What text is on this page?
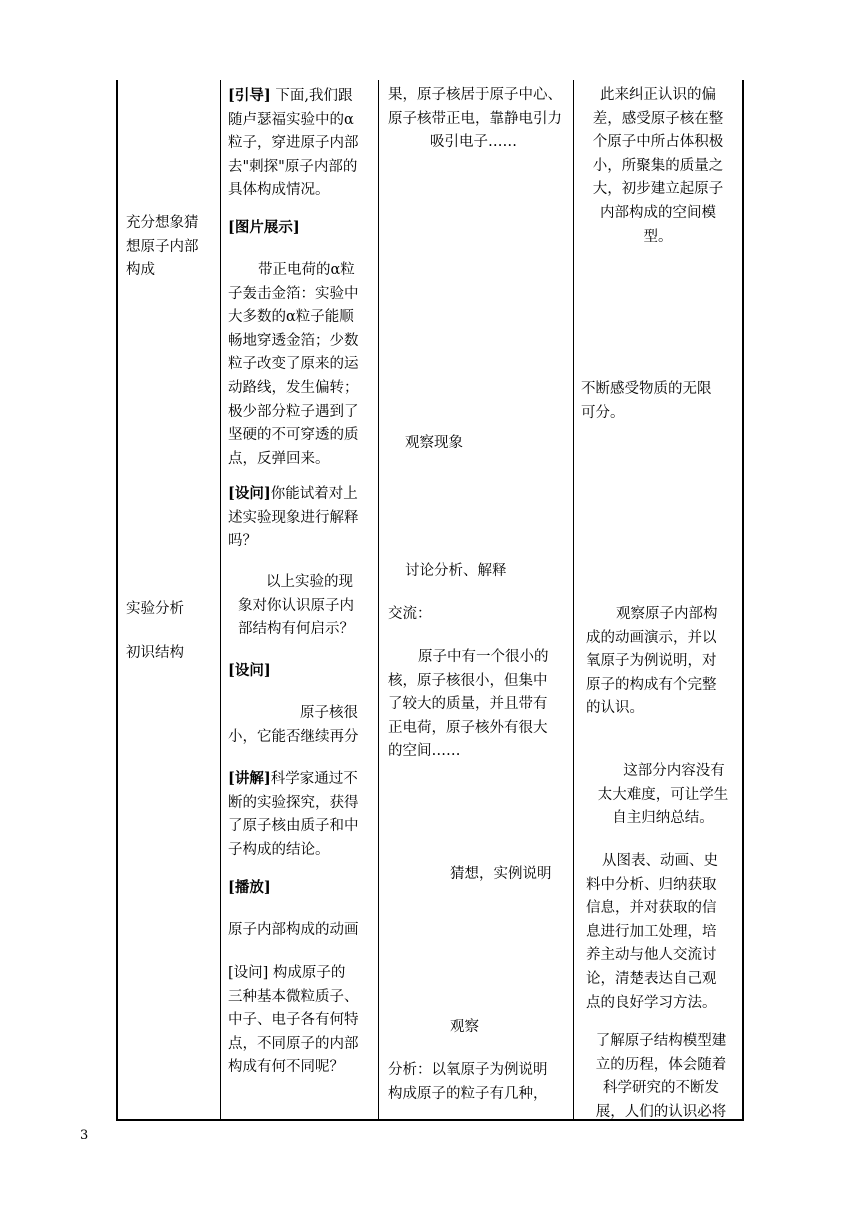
充分想象猜
想原子内部
构成
实验分析
初识结构
[引导] 下面,我们跟
随卢瑟福实验中的α
粒子，穿进原子内部
去"刺探"原子内部的
具体构成情况。
[图片展示]
带正电荷的α粒
子轰击金箔：实验中
大多数的α粒子能顺
畅地穿透金箔；少数
粒子改变了原来的运
动路线，发生偏转；
极少部分粒子遇到了
坚硬的不可穿透的质
点，反弹回来。
[设问]你能试着对上
述实验现象进行解释
吗？
以上实验的现
象对你认识原子内
部结构有何启示？
[设问]
原子核很
小，它能否继续再分
[讲解]科学家通过不
断的实验探究，获得
了原子核由质子和中
子构成的结论。
[播放]
原子内部构成的动画
[设问] 构成原子的
三种基本微粒质子、
中子、电子各有何特
点，不同原子的内部
构成有何不同呢？
果，原子核居于原子中心、
原子核带正电，靠静电引力
吸引电子……
观察现象
讨论分析、解释
交流：
原子中有一个很小的
核，原子核很小，但集中
了较大的质量，并且带有
正电荷，原子核外有很大
的空间……
猜想，实例说明
观察
分析：以氧原子为例说明
构成原子的粒子有几种，
此来纠正认识的偏
差，感受原子核在整
个原子中所占体积极
小，所聚集的质量之
大，初步建立起原子
内部构成的空间模
型。
不断感受物质的无限
可分。
观察原子内部构
成的动画演示，并以
氧原子为例说明，对
原子的构成有个完整
的认识。
这部分内容没有
太大难度，可让学生
自主归纳总结。
从图表、动画、史
料中分析、归纳获取
信息，并对获取的信
息进行加工处理，培
养主动与他人交流讨
论，清楚表达自己观
点的良好学习方法。
了解原子结构模型建
立的历程，体会随着
科学研究的不断发
展，人们的认识必将
3
